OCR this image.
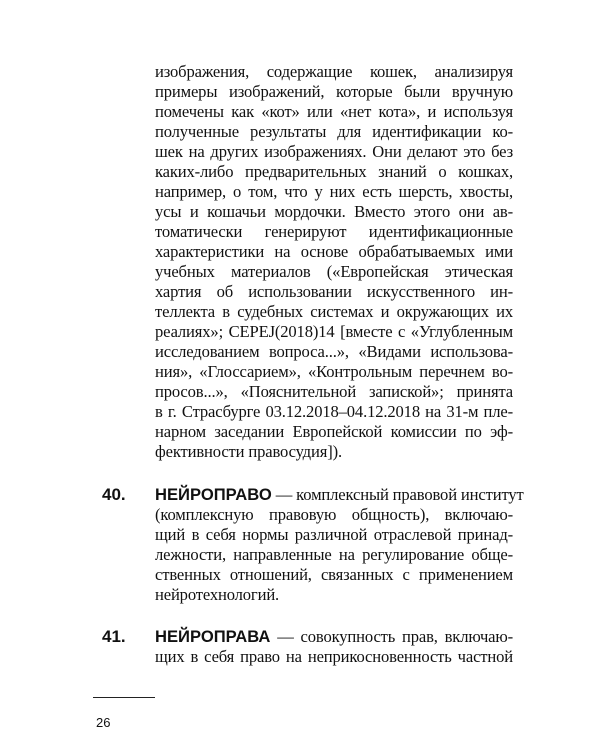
изображения, содержащие кошек, анализируя
примеры изображений, которые были вручную
помечены как «кот» или «нет кота», и используя
полученные результаты для идентификации ко-
шек на других изображениях. Они делают это без
каких-либо предварительных знаний о кошках,
например, о том, что у них есть шерсть, хвосты,
усы и кошачьи мордочки. Вместо этого они ав-
томатически генерируют идентификационные
характеристики на основе обрабатываемых ими
учебных материалов («Европейская этическая
хартия об использовании искусственного ин-
теллекта в судебных системах и окружающих их
реалиях»; CEPEJ(2018)14 [вместе с «Углубленным
исследованием вопроса...», «Видами использова-
ния», «Глоссарием», «Контрольным перечнем во-
просов...», «Пояснительной запиской»; принята
в г. Страсбурге 03.12.2018–04.12.2018 на 31-м пле-
нарном заседании Европейской комиссии по эф-
фективности правосудия]).
40. НЕЙРОПРАВО — комплексный правовой институт
(комплексную правовую общность), включаю-
щий в себя нормы различной отраслевой принад-
лежности, направленные на регулирование обще-
ственных отношений, связанных с применением
нейротехнологий.
41. НЕЙРОПРАВА — совокупность прав, включаю-
щих в себя право на неприкосновенность частной
26
